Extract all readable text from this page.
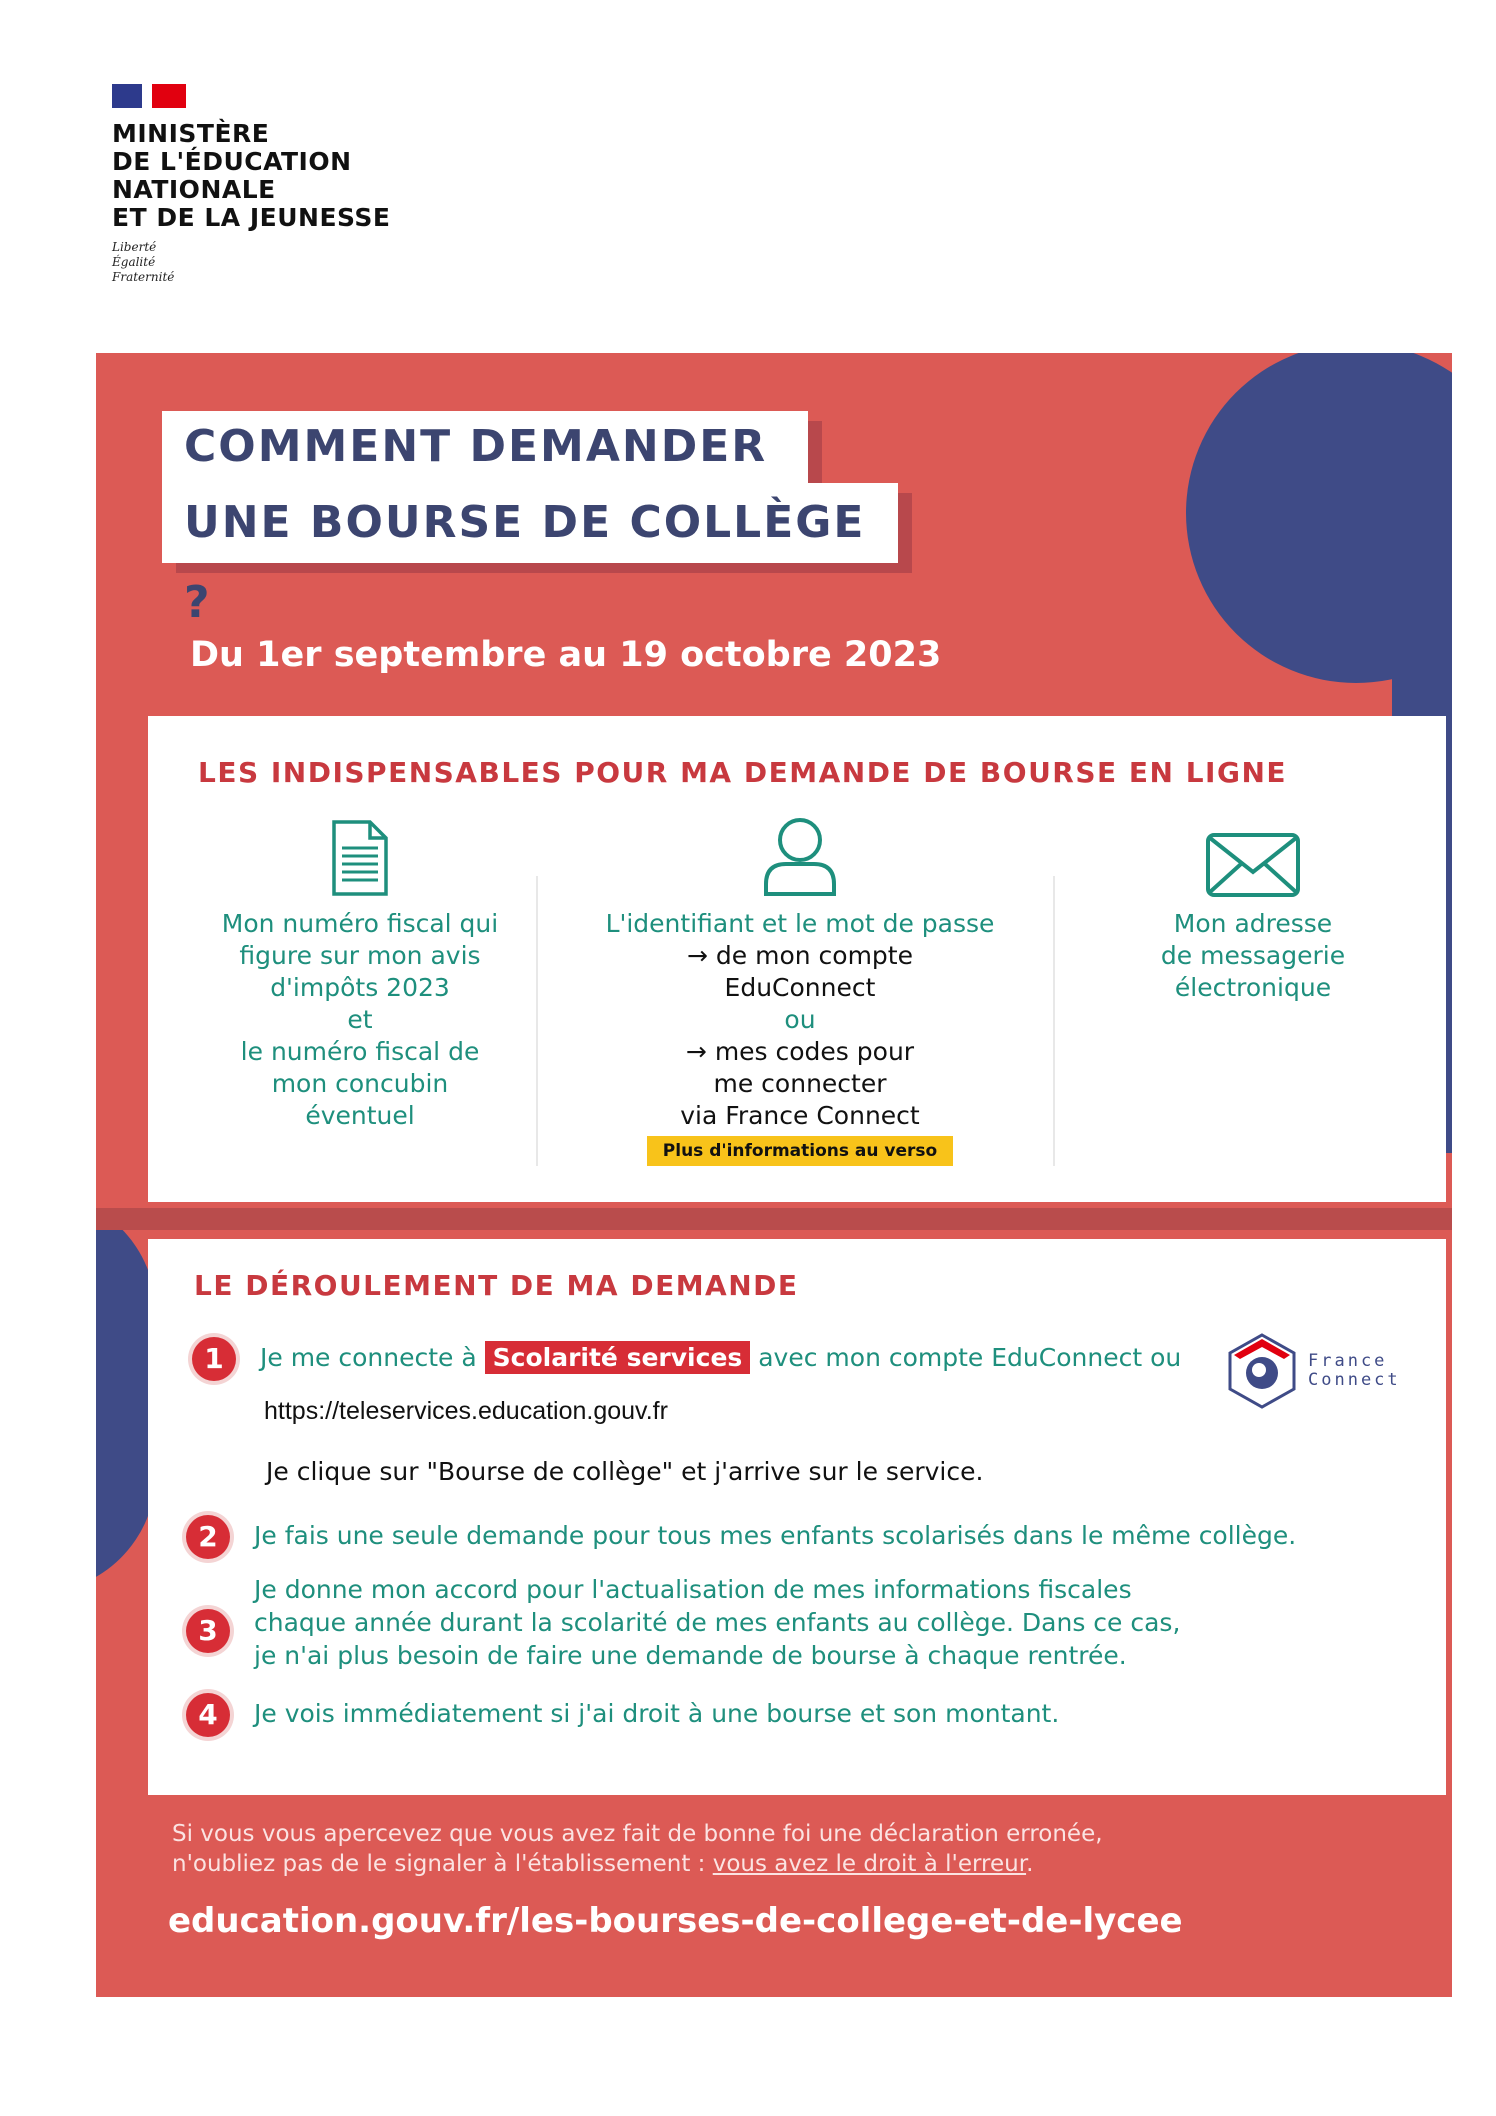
MINISTÈRE
DE L'ÉDUCATION
NATIONALE
ET DE LA JEUNESSE
Liberté
Égalité
Fraternité
COMMENT DEMANDER
UNE BOURSE DE COLLÈGE ?
Du 1er septembre au 19 octobre 2023
LES INDISPENSABLES POUR MA DEMANDE DE BOURSE EN LIGNE
Mon numéro fiscal qui
figure sur mon avis
d'impôts 2023
et
le numéro fiscal de
mon concubin
éventuel
L'identifiant et le mot de passe
→ de mon compte
EduConnect
ou
→ mes codes pour
me connecter
via France Connect
Plus d'informations au verso
Mon adresse
de messagerie
électronique
LE DÉROULEMENT DE MA DEMANDE
1	Je me connecte à Scolarité services avec mon compte EduConnect ou	France
Connect
https://teleservices.education.gouv.fr
Je clique sur "Bourse de collège" et j'arrive sur le service.
2	Je fais une seule demande pour tous mes enfants scolarisés dans le même collège.
3
Je donne mon accord pour l'actualisation de mes informations fiscales
chaque année durant la scolarité de mes enfants au collège. Dans ce cas,
je n'ai plus besoin de faire une demande de bourse à chaque rentrée.
4	Je vois immédiatement si j'ai droit à une bourse et son montant.
Si vous vous apercevez que vous avez fait de bonne foi une déclaration erronée,
n'oubliez pas de le signaler à l'établissement : vous avez le droit à l'erreur.
education.gouv.fr/les-bourses-de-college-et-de-lycee
